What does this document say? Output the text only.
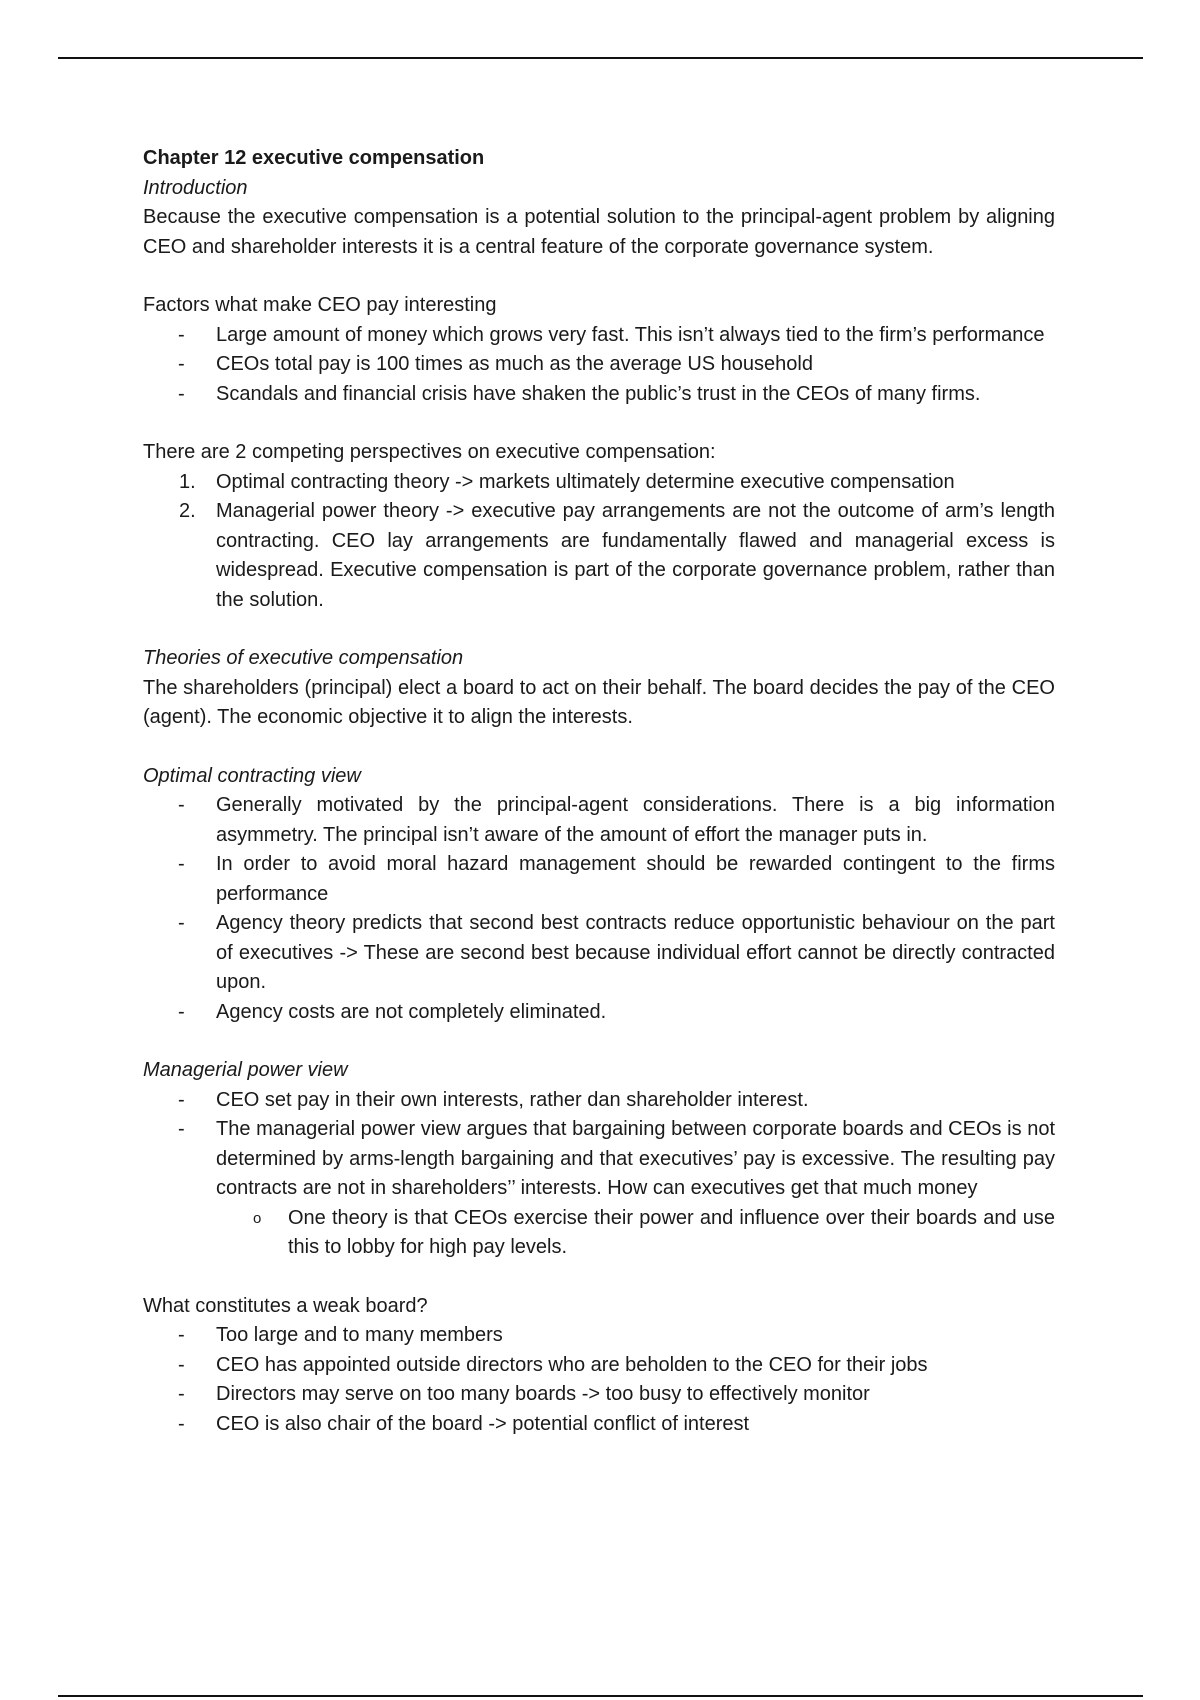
Chapter 12 executive compensation

Introduction

Because the executive compensation is a potential solution to the principal-agent problem by aligning CEO and shareholder interests it is a central feature of the corporate governance system.

Factors what make CEO pay interesting

- Large amount of money which grows very fast. This isn’t always tied to the firm’s performance
- CEOs total pay is 100 times as much as the average US household
- Scandals and financial crisis have shaken the public’s trust in the CEOs of many firms.

There are 2 competing perspectives on executive compensation:

1. Optimal contracting theory -> markets ultimately determine executive compensation
2. Managerial power theory -> executive pay arrangements are not the outcome of arm’s length contracting. CEO lay arrangements are fundamentally flawed and managerial excess is widespread. Executive compensation is part of the corporate governance problem, rather than the solution.

Theories of executive compensation

The shareholders (principal) elect a board to act on their behalf. The board decides the pay of the CEO (agent). The economic objective it to align the interests.

Optimal contracting view

- Generally motivated by the principal-agent considerations. There is a big information asymmetry. The principal isn’t aware of the amount of effort the manager puts in.
- In order to avoid moral hazard management should be rewarded contingent to the firms performance
- Agency theory predicts that second best contracts reduce opportunistic behaviour on the part of executives -> These are second best because individual effort cannot be directly contracted upon.
- Agency costs are not completely eliminated.

Managerial power view

- CEO set pay in their own interests, rather dan shareholder interest.
- The managerial power view argues that bargaining between corporate boards and CEOs is not determined by arms-length bargaining and that executives’ pay is excessive. The resulting pay contracts are not in shareholders’’ interests. How can executives get that much money
o One theory is that CEOs exercise their power and influence over their boards and use this to lobby for high pay levels.

What constitutes a weak board?

- Too large and to many members
- CEO has appointed outside directors who are beholden to the CEO for their jobs
- Directors may serve on too many boards -> too busy to effectively monitor
- CEO is also chair of the board -> potential conflict of interest
